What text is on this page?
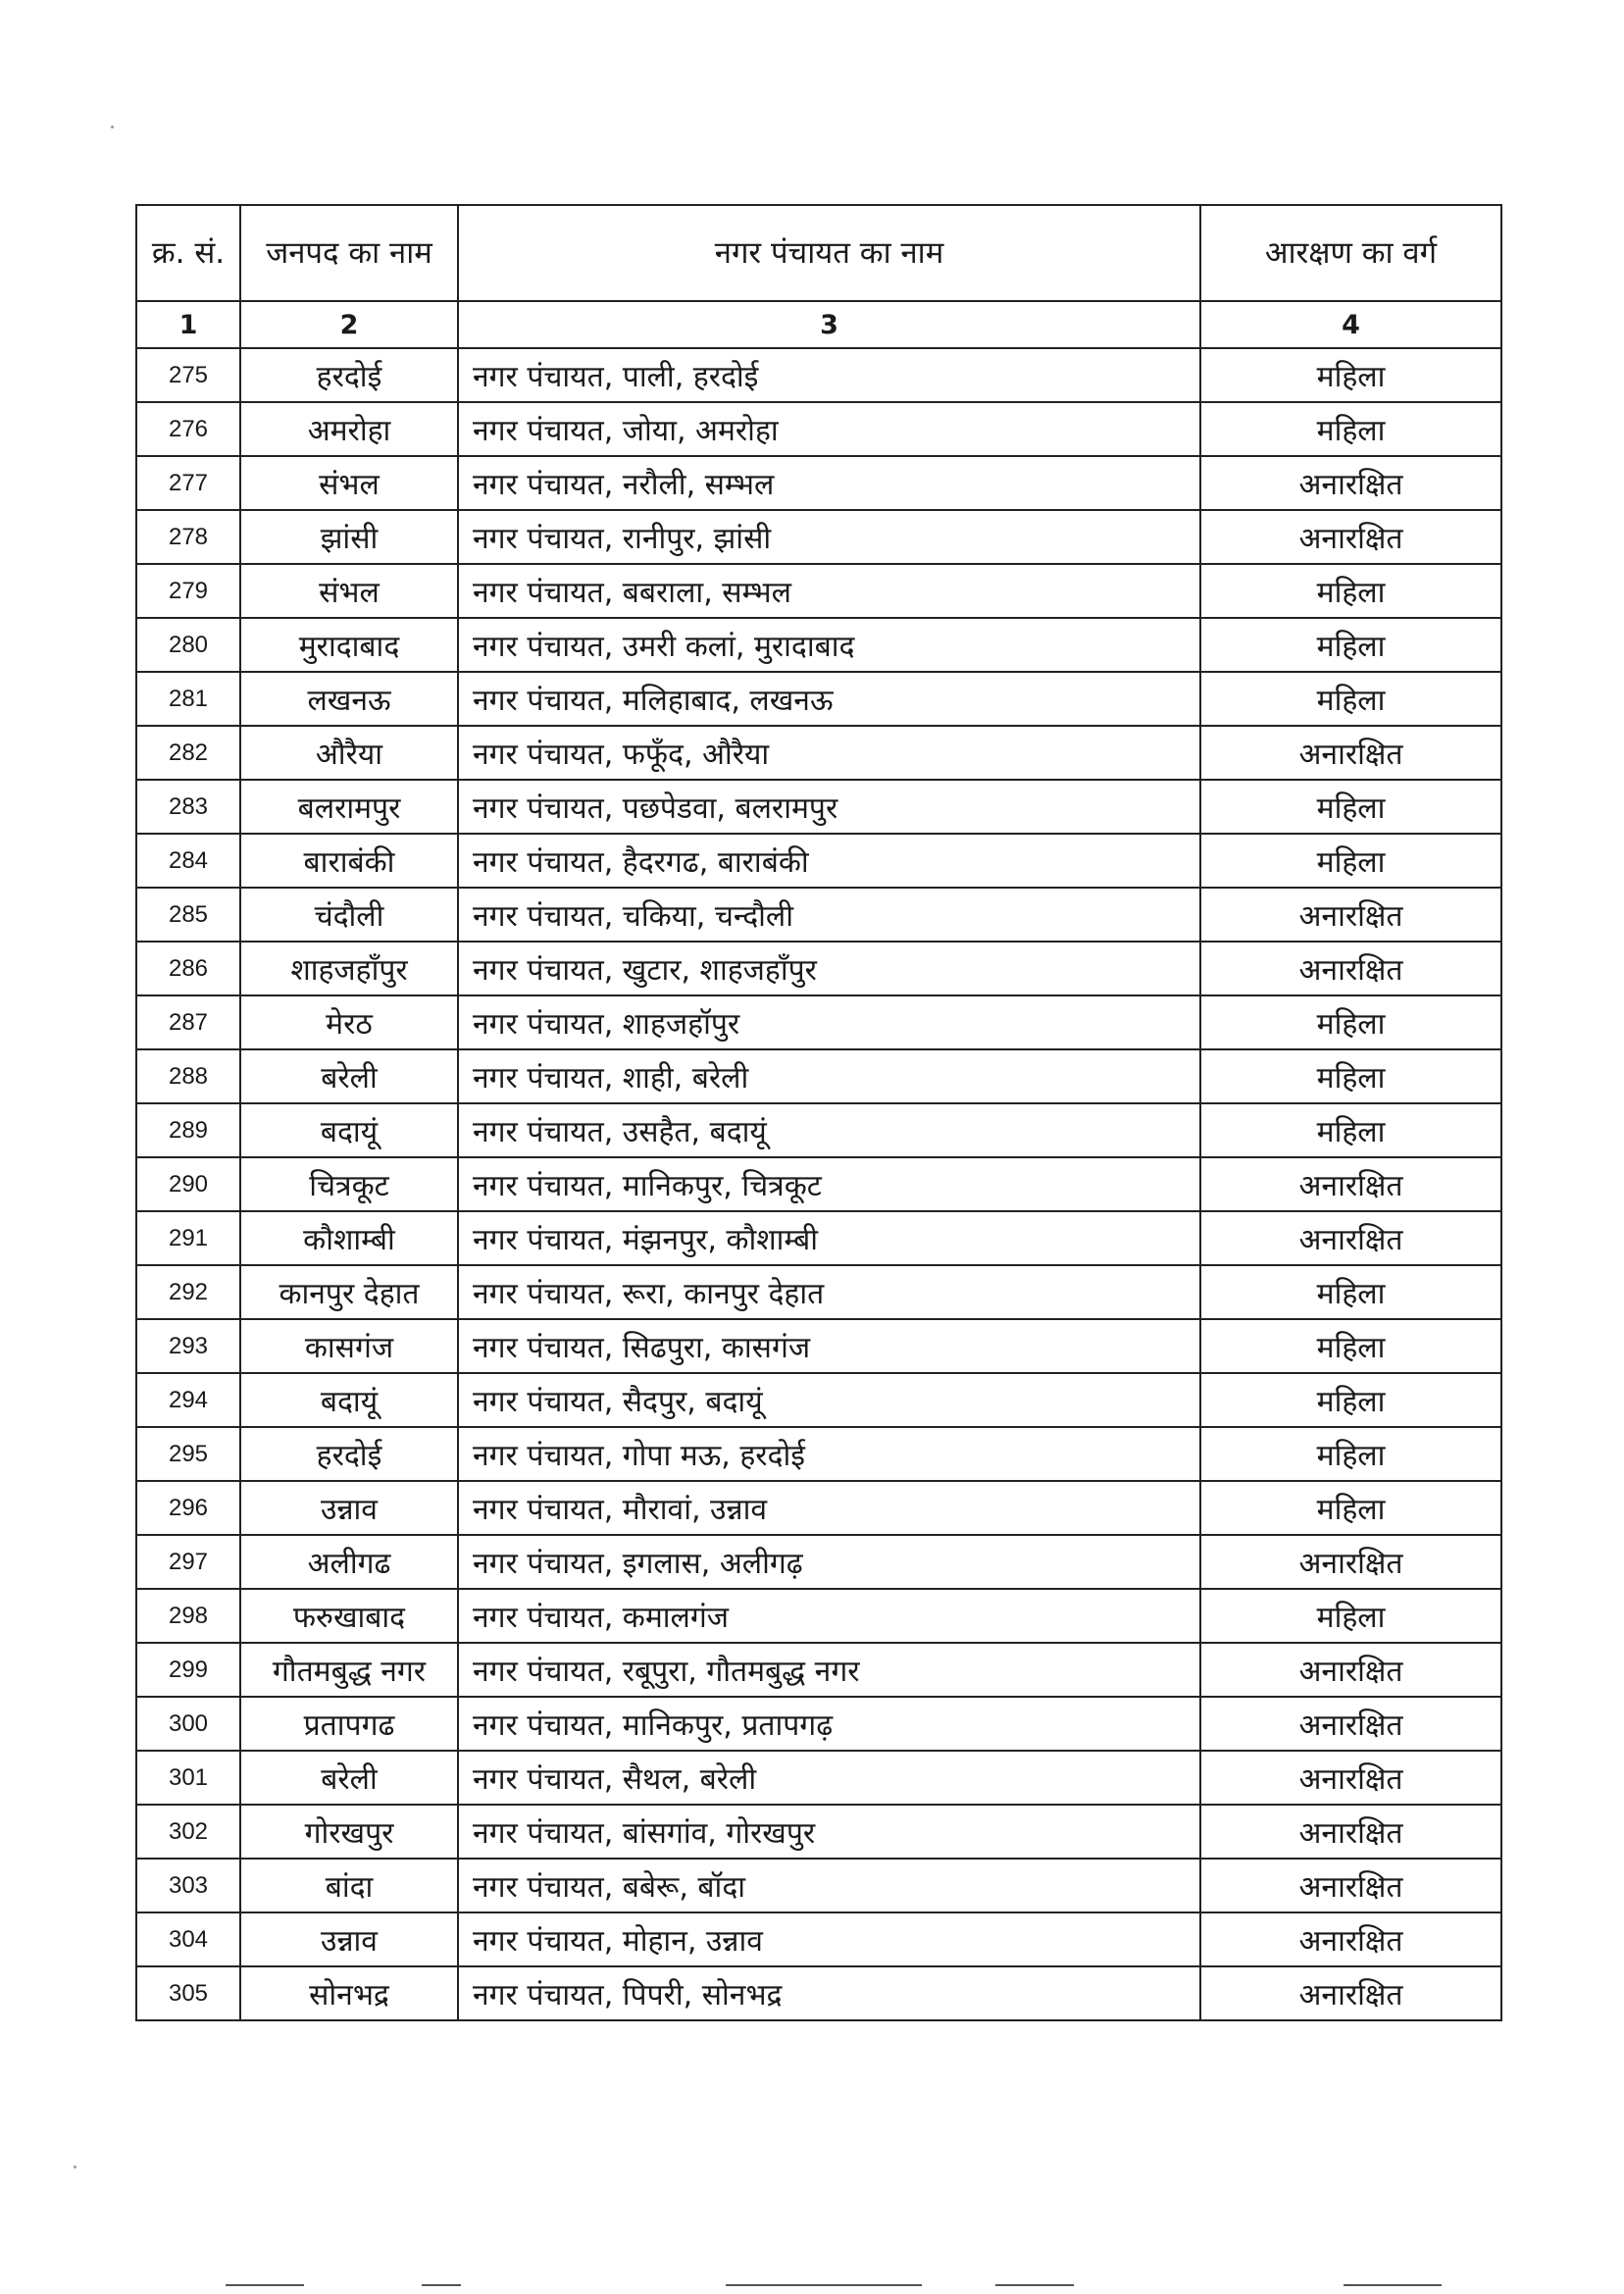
क्र. सं.	जनपद का नाम	नगर पंचायत का नाम	आरक्षण का वर्ग
1	2	3	4
275	हरदोई	नगर पंचायत, पाली, हरदोई	महिला
276	अमरोहा	नगर पंचायत, जोया, अमरोहा	महिला
277	संभल	नगर पंचायत, नरौली, सम्भल	अनारक्षित
278	झांसी	नगर पंचायत, रानीपुर, झांसी	अनारक्षित
279	संभल	नगर पंचायत, बबराला, सम्भल	महिला
280	मुरादाबाद	नगर पंचायत, उमरी कलां, मुरादाबाद	महिला
281	लखनऊ	नगर पंचायत, मलिहाबाद, लखनऊ	महिला
282	औरैया	नगर पंचायत, फफूँद, औरैया	अनारक्षित
283	बलरामपुर	नगर पंचायत, पछपेडवा, बलरामपुर	महिला
284	बाराबंकी	नगर पंचायत, हैदरगढ, बाराबंकी	महिला
285	चंदौली	नगर पंचायत, चकिया, चन्दौली	अनारक्षित
286	शाहजहाँपुर	नगर पंचायत, खुटार, शाहजहाँपुर	अनारक्षित
287	मेरठ	नगर पंचायत, शाहजहॉपुर	महिला
288	बरेली	नगर पंचायत, शाही, बरेली	महिला
289	बदायूं	नगर पंचायत, उसहैत, बदायूं	महिला
290	चित्रकूट	नगर पंचायत, मानिकपुर, चित्रकूट	अनारक्षित
291	कौशाम्बी	नगर पंचायत, मंझनपुर, कौशाम्बी	अनारक्षित
292	कानपुर देहात	नगर पंचायत, रूरा, कानपुर देहात	महिला
293	कासगंज	नगर पंचायत, सिढपुरा, कासगंज	महिला
294	बदायूं	नगर पंचायत, सैदपुर, बदायूं	महिला
295	हरदोई	नगर पंचायत, गोपा मऊ, हरदोई	महिला
296	उन्नाव	नगर पंचायत, मौरावां, उन्नाव	महिला
297	अलीगढ	नगर पंचायत, इगलास, अलीगढ़	अनारक्षित
298	फरुखाबाद	नगर पंचायत, कमालगंज	महिला
299	गौतमबुद्ध नगर	नगर पंचायत, रबूपुरा, गौतमबुद्ध नगर	अनारक्षित
300	प्रतापगढ	नगर पंचायत, मानिकपुर, प्रतापगढ़	अनारक्षित
301	बरेली	नगर पंचायत, सैथल, बरेली	अनारक्षित
302	गोरखपुर	नगर पंचायत, बांसगांव, गोरखपुर	अनारक्षित
303	बांदा	नगर पंचायत, बबेरू, बॉदा	अनारक्षित
304	उन्नाव	नगर पंचायत, मोहान, उन्नाव	अनारक्षित
305	सोनभद्र	नगर पंचायत, पिपरी, सोनभद्र	अनारक्षित
